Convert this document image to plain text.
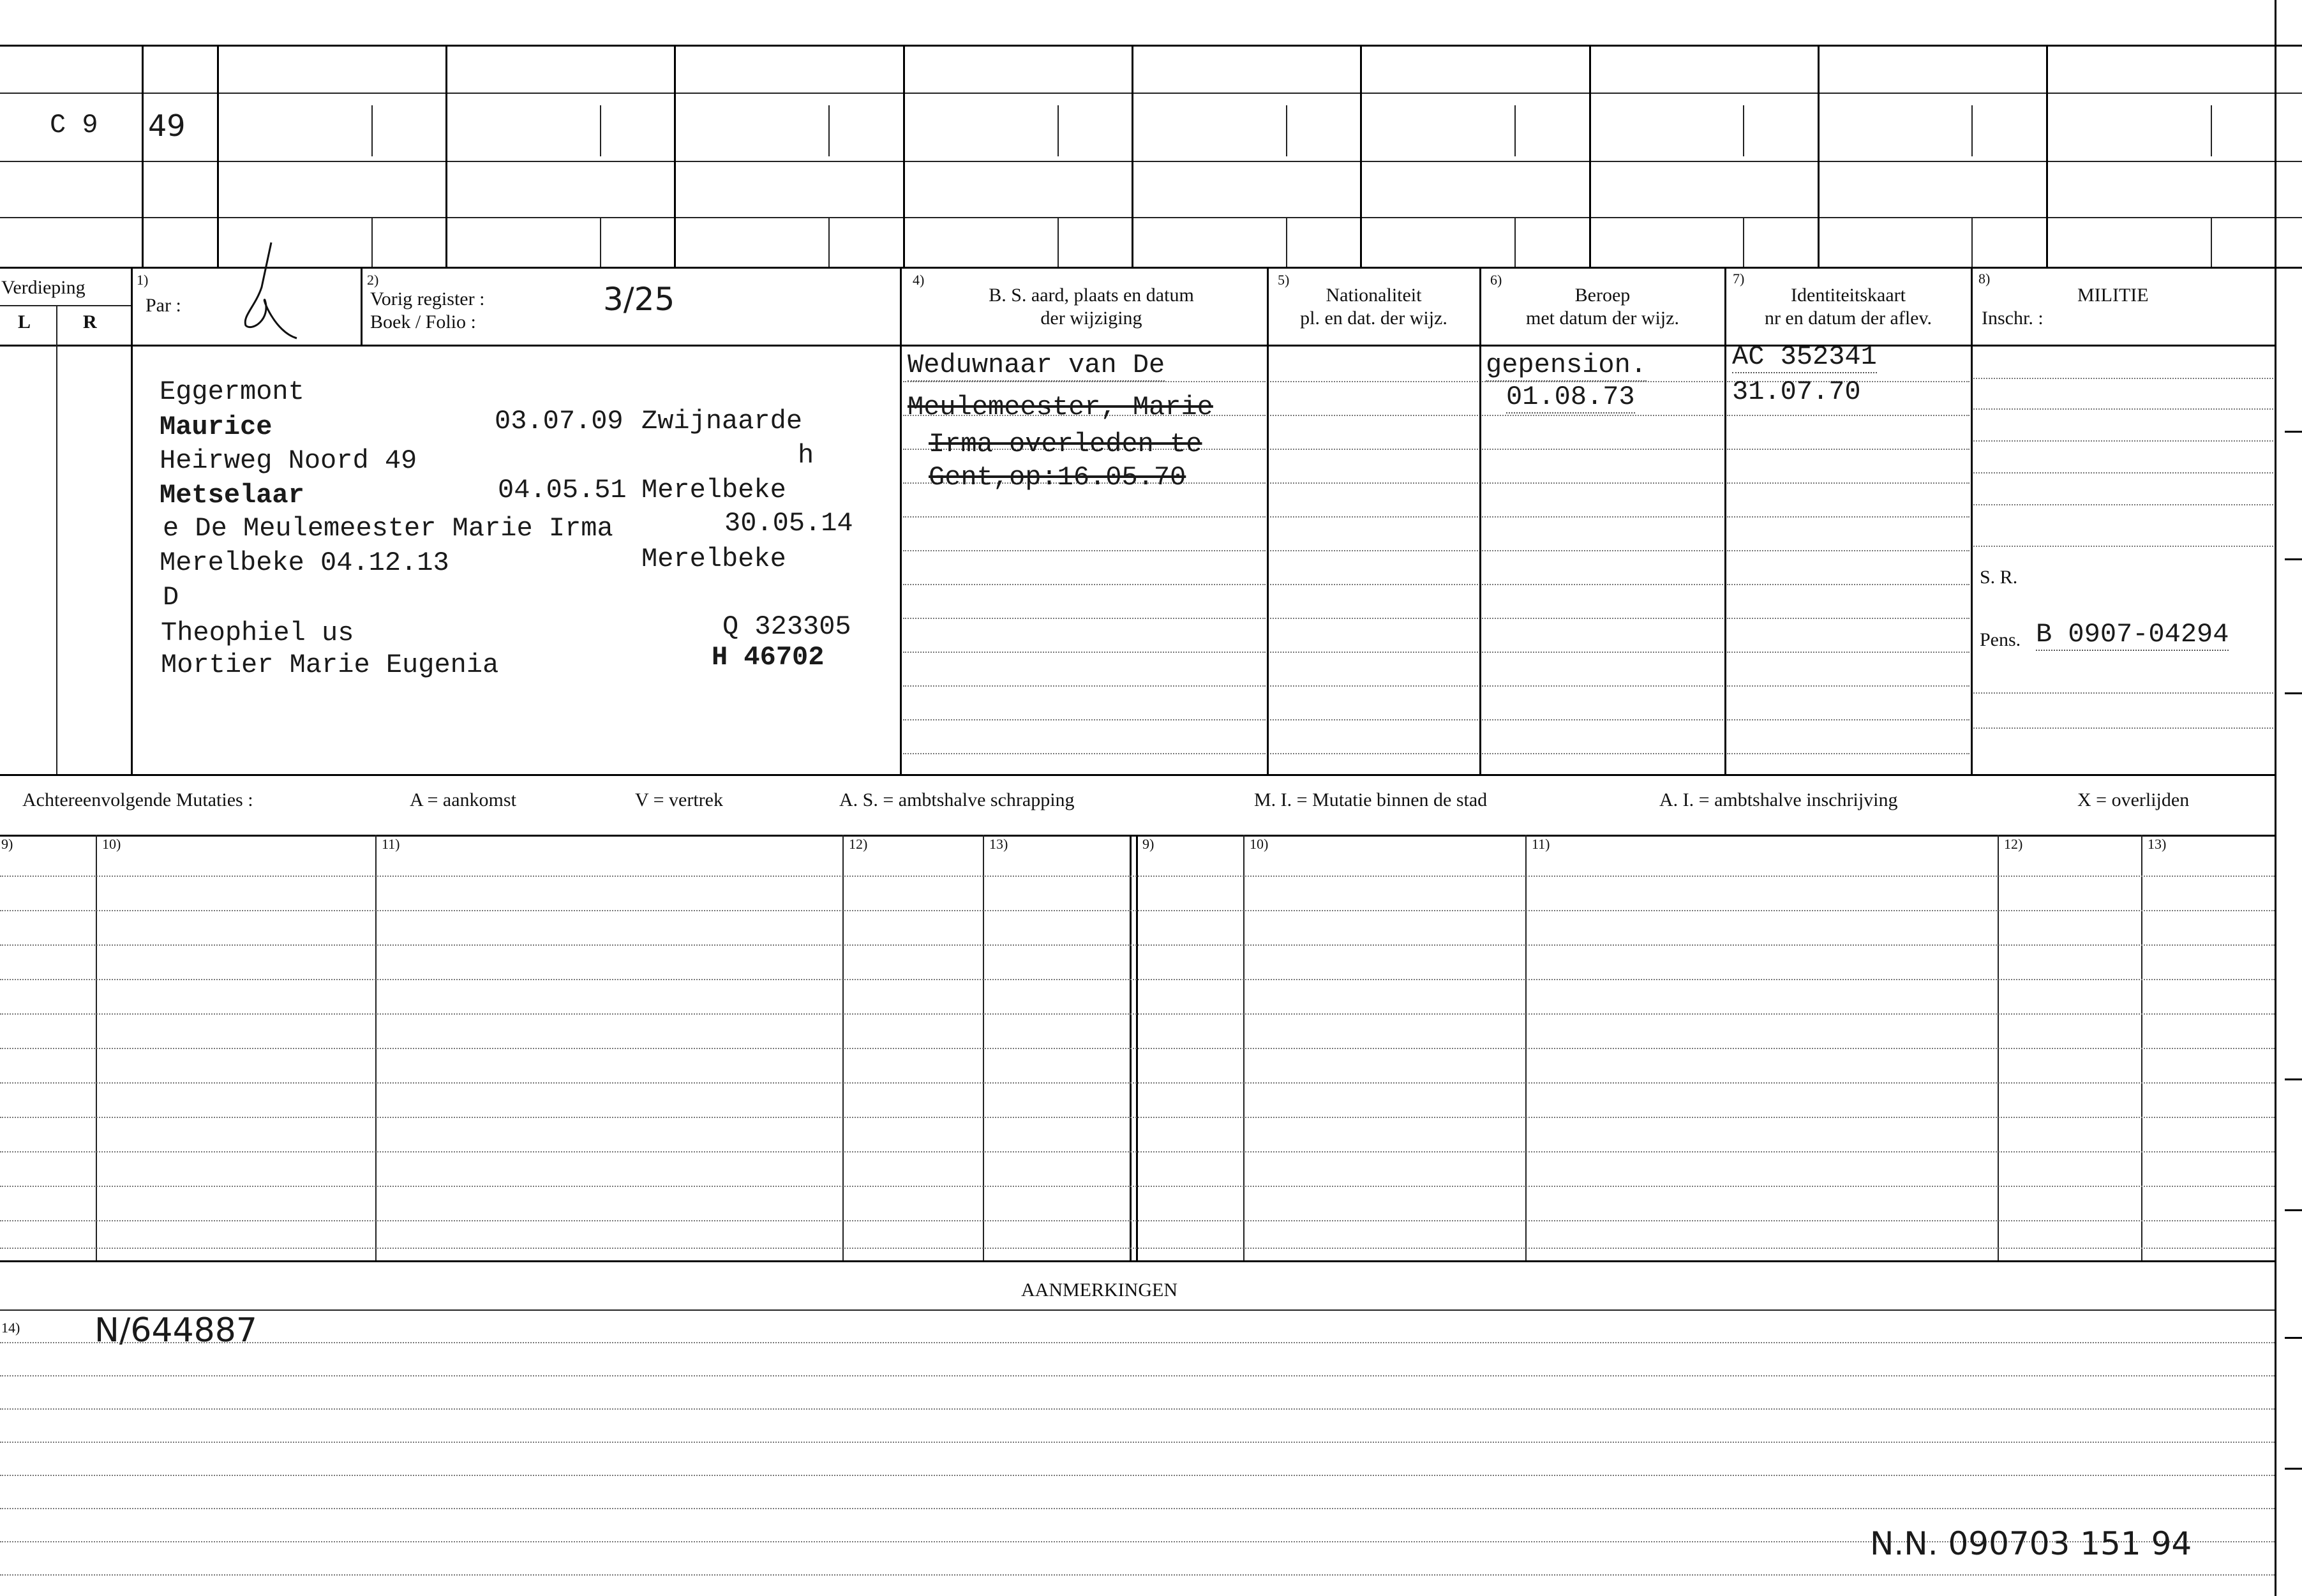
C 9 49
Verdieping
L	R
1)
Par :
2)
Vorig register :
Boek / Folio :
3/25
4)
B. S. aard, plaats en datum
der wijziging
5)
Nationaliteit
pl. en dat. der wijz.
6)
Beroep
met datum der wijz.
7)
Identiteitskaart
nr en datum der aflev.
8)
MILITIE
Inschr. :
Eggermont
Maurice	03.07.09 Zwijnaarde
Heirweg Noord 49	h
Metselaar	04.05.51 Merelbeke
e De Meulemeester Marie Irma	30.05.14
Merelbeke 04.12.13	Merelbeke
D
Theophiel us	Q 323305
Mortier Marie Eugenia	H 46702
Weduwnaar van De
Meulemeester, Marie
Irma overleden te
Gent,op:16.05.70
gepension.
01.08.73
AC 352341
31.07.70
S. R.
Pens. B 0907-04294
Achtereenvolgende Mutaties :	A = aankomst	V = vertrek	A. S. = ambtshalve schrapping	M. I. = Mutatie binnen de stad	A. I. = ambtshalve inschrijving	X = overlijden
9)	10)	11)	12)	13)	9)	10)	11)	12)	13)
AANMERKINGEN
14) N/644887
N.N. 090703 151 94
